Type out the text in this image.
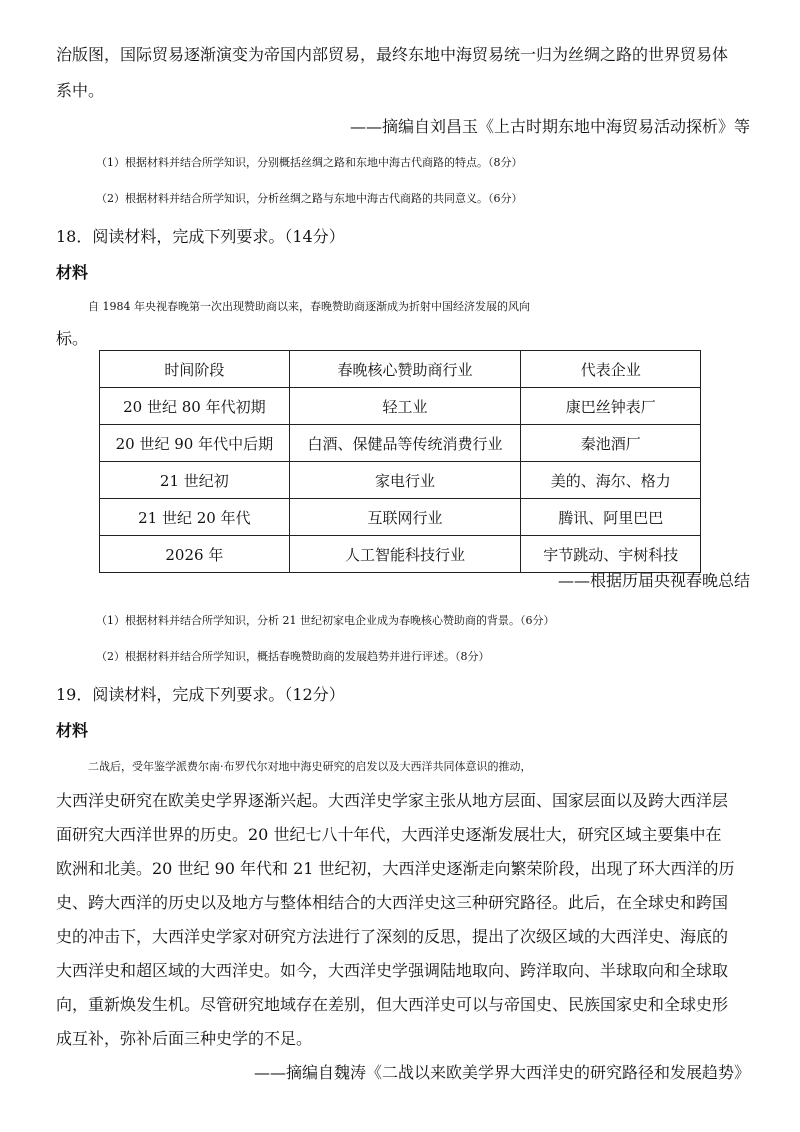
治版图，国际贸易逐渐演变为帝国内部贸易，最终东地中海贸易统一归为丝绸之路的世界贸易体
系中。
——摘编自刘昌玉《上古时期东地中海贸易活动探析》等
（1）根据材料并结合所学知识，分别概括丝绸之路和东地中海古代商路的特点。（8分）
（2）根据材料并结合所学知识，分析丝绸之路与东地中海古代商路的共同意义。（6分）
18．阅读材料，完成下列要求。（14分）
材料
自 1984 年央视春晚第一次出现赞助商以来，春晚赞助商逐渐成为折射中国经济发展的风向
标。
时间阶段	春晚核心赞助商行业	代表企业
20 世纪 80 年代初期	轻工业	康巴丝钟表厂
20 世纪 90 年代中后期	白酒、保健品等传统消费行业	秦池酒厂
21 世纪初	家电行业	美的、海尔、格力
21 世纪 20 年代	互联网行业	腾讯、阿里巴巴
2026 年	人工智能科技行业	宇节跳动、宇树科技
——根据历届央视春晚总结
（1）根据材料并结合所学知识，分析 21 世纪初家电企业成为春晚核心赞助商的背景。（6分）
（2）根据材料并结合所学知识，概括春晚赞助商的发展趋势并进行评述。（8分）
19．阅读材料，完成下列要求。（12分）
材料
二战后，受年鉴学派费尔南·布罗代尔对地中海史研究的启发以及大西洋共同体意识的推动，
大西洋史研究在欧美史学界逐渐兴起。大西洋史学家主张从地方层面、国家层面以及跨大西洋层
面研究大西洋世界的历史。20 世纪七八十年代，大西洋史逐渐发展壮大，研究区域主要集中在
欧洲和北美。20 世纪 90 年代和 21 世纪初，大西洋史逐渐走向繁荣阶段，出现了环大西洋的历
史、跨大西洋的历史以及地方与整体相结合的大西洋史这三种研究路径。此后，在全球史和跨国
史的冲击下，大西洋史学家对研究方法进行了深刻的反思，提出了次级区域的大西洋史、海底的
大西洋史和超区域的大西洋史。如今，大西洋史学强调陆地取向、跨洋取向、半球取向和全球取
向，重新焕发生机。尽管研究地域存在差别，但大西洋史可以与帝国史、民族国家史和全球史形
成互补，弥补后面三种史学的不足。
——摘编自魏涛《二战以来欧美学界大西洋史的研究路径和发展趋势》
